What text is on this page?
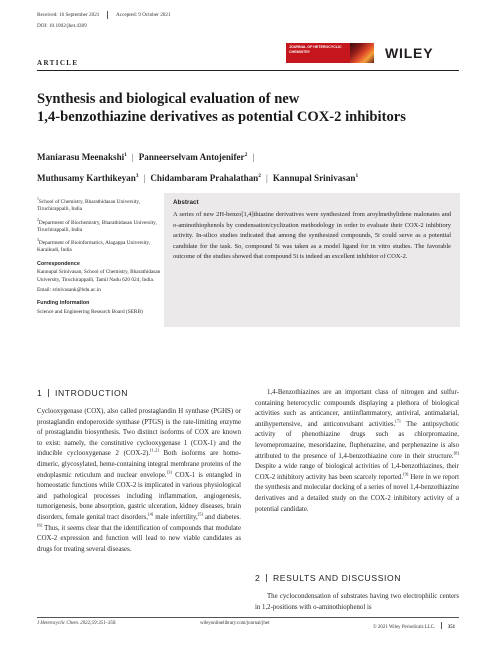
Received: 16 September 2021	Accepted: 9 October 2021
DOI: 10.1002/jhet.4389
JOURNAL OF HETEROCYCLIC CHEMISTRY	WILEY
ARTICLE
Synthesis and biological evaluation of new
1,4-benzothiazine derivatives as potential COX-2 inhibitors
Maniarasu Meenakshi$^1$ | Panneerselvam Antojenifer$^2$ |
Muthusamy Karthikeyan$^3$ | Chidambaram Prahalathan$^2$ | Kannupal Srinivasan$^1$

$^1$School of Chemistry, Bharathidasan University, Tiruchirappalli, India

$^2$Department of Biochemistry, Bharathidasan University, Tiruchirappalli, India

$^3$Department of Bioinformatics, Alagappa University, Karaikudi, India

Correspondence

Kannupal Srinivasan, School of Chemistry, Bharathidasan University, Tiruchirappalli, Tamil Nadu 620 024, India.

Email: srinivasank@bdu.ac.in

Funding information

Science and Engineering Research Board (SERB)

Abstract
A series of new 2H-benzo[1,4]thiazine derivatives were synthesized from aroylmethylidene malonates and o-aminothiophenols by condensation/cyclization methodology in order to evaluate their COX-2 inhibitory activity. In-silico studies indicated that among the synthesized compounds, 5i could serve as a potential candidate for the task. So, compound 5i was taken as a model ligand for in vitro studies. The favorable outcome of the studies showed that compound 5i is indeed an excellent inhibitor of COX-2.
1 INTRODUCTION
Cyclooxygenase (COX), also called prostaglandin H synthase (PGHS) or prostaglandin endoperoxide synthase (PTGS) is the rate-limiting enzyme of prostaglandin biosynthesis. Two distinct isoforms of COX are known to exist: namely, the constitutive cyclooxygenase 1 (COX-1) and the inducible cyclooxygenase 2 (COX-2).[1,2] Both isoforms are homo-dimeric, glycosylated, heme-containing integral membrane proteins of the endoplasmic reticulum and nuclear envelope.[3] COX-1 is entangled in homeostatic functions while COX-2 is implicated in various physiological and pathological processes including inflammation, angiogenesis, tumorigenesis, bone absorption, gastric ulceration, kidney diseases, brain disorders, female genital tract disorders,[4] male infertility,[5] and diabetes.[6] Thus, it seems clear that the identification of compounds that modulate COX-2 expression and function will lead to new viable candidates as drugs for treating several diseases.
1,4-Benzothiazines are an important class of nitrogen and sulfur-containing heterocyclic compounds displaying a plethora of biological activities such as anticancer, antiinflammatory, antiviral, antimalarial, antihypertensive, and anticonvulsant activities.[7] The antipsychotic activity of phenothiazine drugs such as chlorpromazine, levomepromazine, mesoridazine, fluphenazine, and perphenazine is also attributed to the presence of 1,4-benzothiazine core in their structure.[8] Despite a wide range of biological activities of 1,4-benzothiazines, their COX-2 inhibitory activity has been scarcely reported.[9] Here in we report the synthesis and molecular docking of a series of novel 1,4-benzothiazine derivatives and a detailed study on the COX-2 inhibitory activity of a potential candidate.
2 RESULTS AND DISCUSSION
The cyclocondensation of substrates having two electrophilic centers in 1,2-positions with o-aminothiophenol is
J Heterocyclic Chem. 2022;59:351–358.	wileyonlinelibrary.com/journal/jhet
© 2021 Wiley Periodicals LLC.	351
